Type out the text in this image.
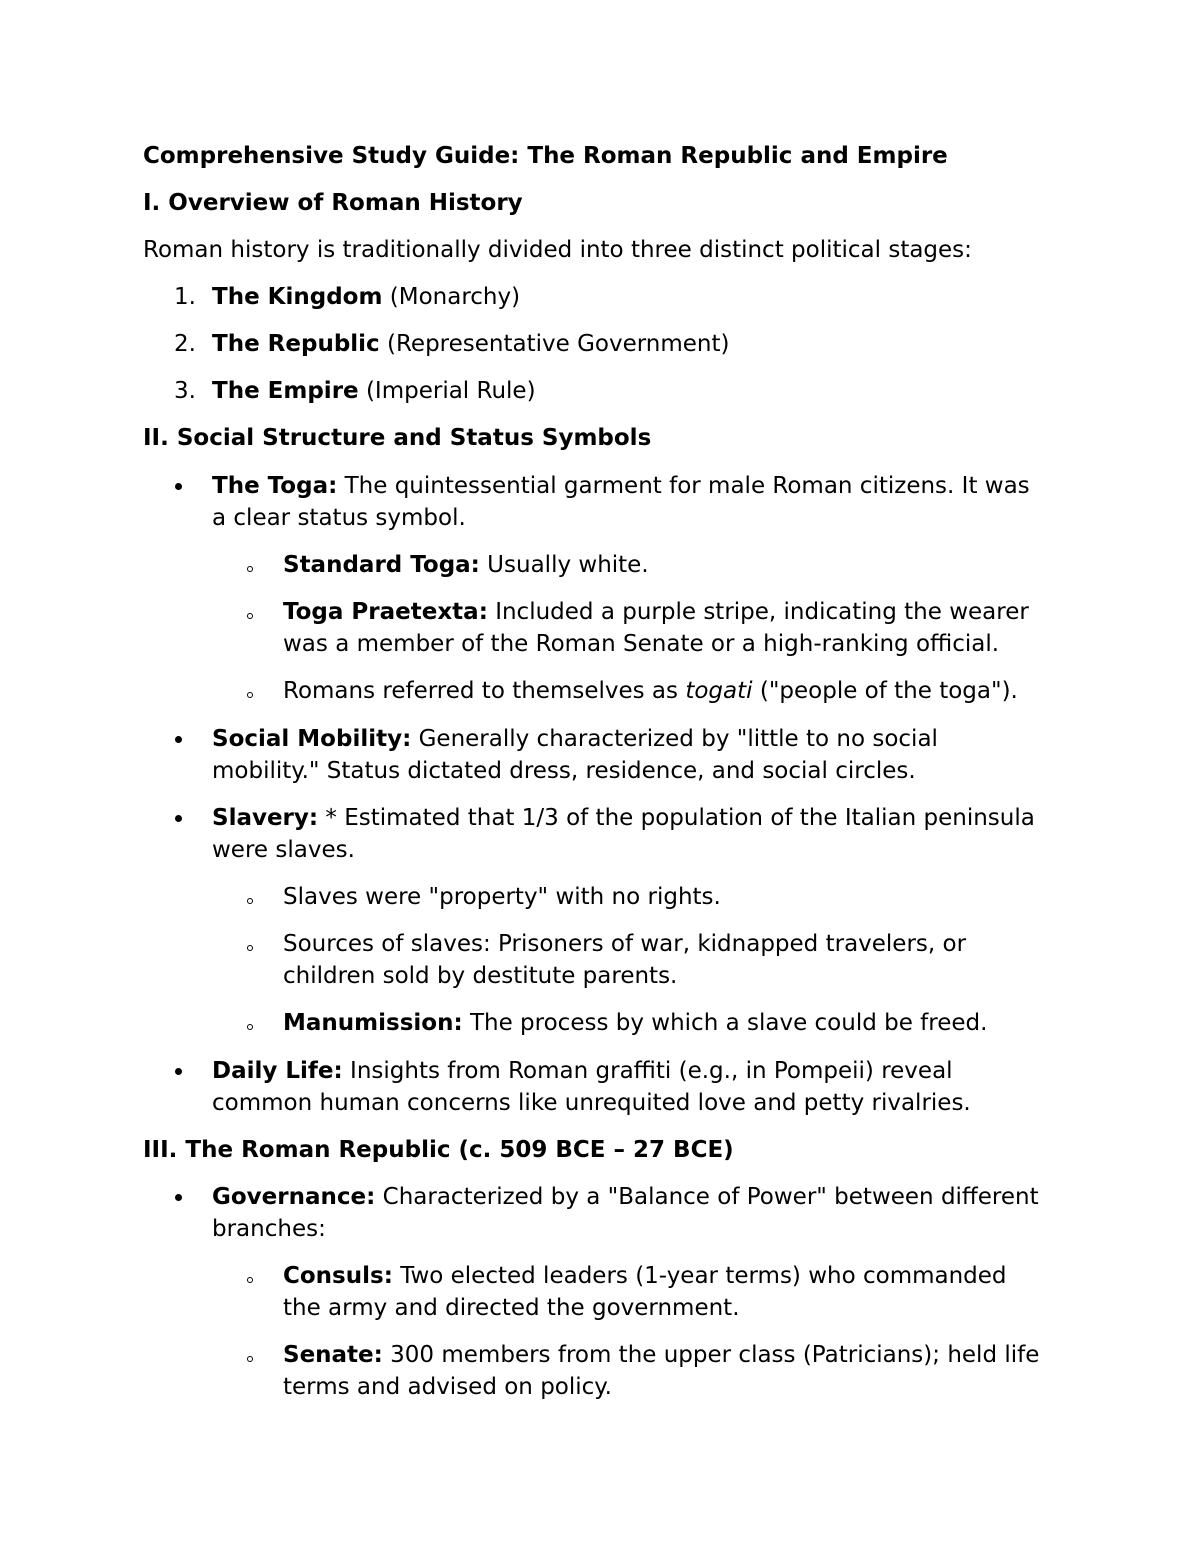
Comprehensive Study Guide: The Roman Republic and Empire
I. Overview of Roman History
Roman history is traditionally divided into three distinct political stages:
1. The Kingdom (Monarchy)
2. The Republic (Representative Government)
3. The Empire (Imperial Rule)
II. Social Structure and Status Symbols
The Toga: The quintessential garment for male Roman citizens. It was
a clear status symbol.
Standard Toga: Usually white.
Toga Praetexta: Included a purple stripe, indicating the wearer
was a member of the Roman Senate or a high-ranking official.
Romans referred to themselves as togati ("people of the toga").
Social Mobility: Generally characterized by "little to no social
mobility." Status dictated dress, residence, and social circles.
Slavery: * Estimated that 1/3 of the population of the Italian peninsula
were slaves.
Slaves were "property" with no rights.
Sources of slaves: Prisoners of war, kidnapped travelers, or
children sold by destitute parents.
Manumission: The process by which a slave could be freed.
Daily Life: Insights from Roman graffiti (e.g., in Pompeii) reveal
common human concerns like unrequited love and petty rivalries.
III. The Roman Republic (c. 509 BCE – 27 BCE)
Governance: Characterized by a "Balance of Power" between different
branches:
Consuls: Two elected leaders (1-year terms) who commanded
the army and directed the government.
Senate: 300 members from the upper class (Patricians); held life
terms and advised on policy.
